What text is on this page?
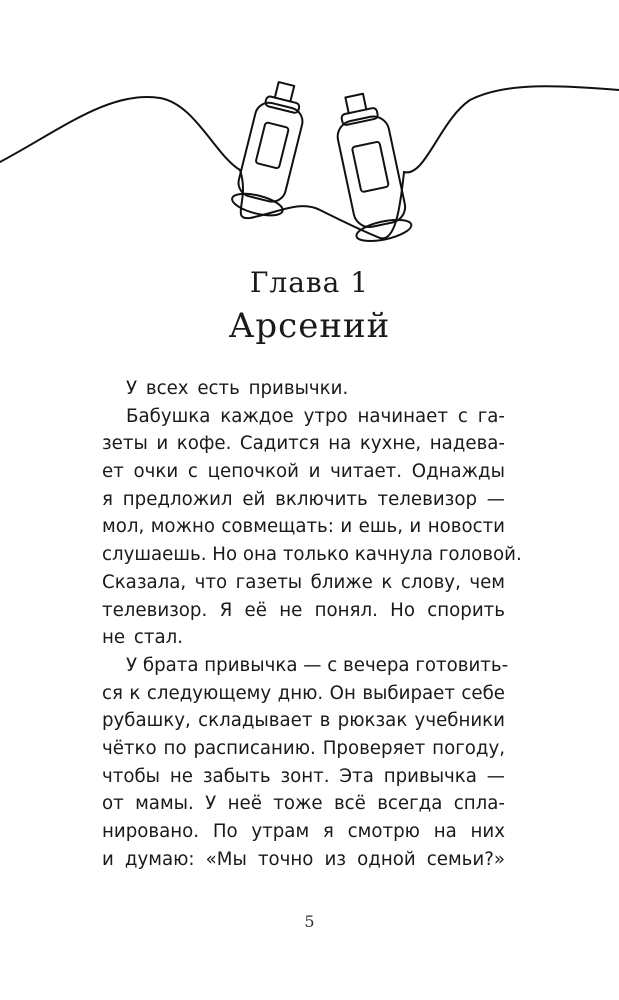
Глава 1
Арсений
У всех есть привычки.
Бабушка каждое утро начинает с га-
зеты и кофе. Садится на кухне, надева-
ет очки с цепочкой и читает. Однажды
я предложил ей включить телевизор —
мол, можно совмещать: и ешь, и новости
слушаешь. Но она только качнула головой.
Сказала, что газеты ближе к слову, чем
телевизор. Я её не понял. Но спорить
не стал.
У брата привычка — с вечера готовить-
ся к следующему дню. Он выбирает себе
рубашку, складывает в рюкзак учебники
чётко по расписанию. Проверяет погоду,
чтобы не забыть зонт. Эта привычка —
от мамы. У неё тоже всё всегда спла-
нировано. По утрам я смотрю на них
и думаю: «Мы точно из одной семьи?»
5
